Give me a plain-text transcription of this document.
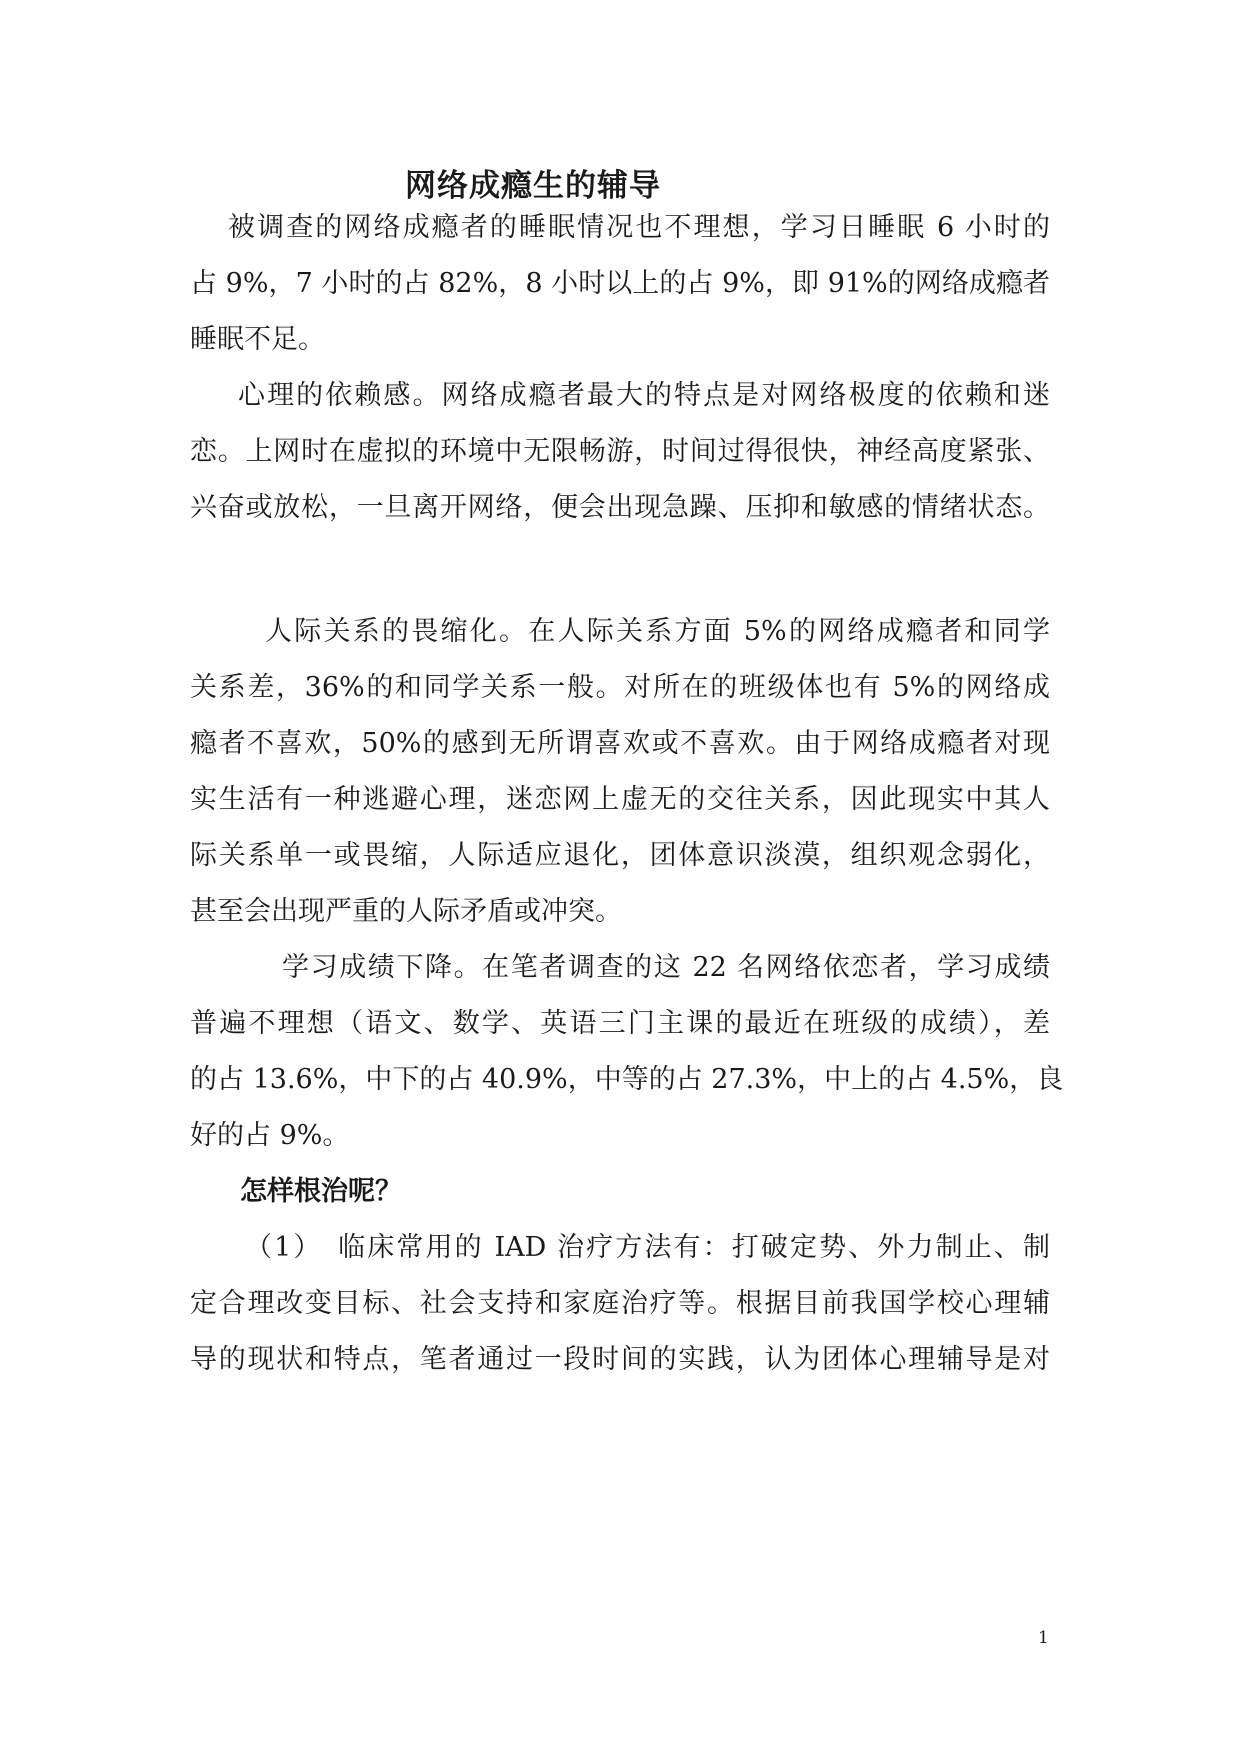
网络成瘾生的辅导
被调查的网络成瘾者的睡眠情况也不理想，学习日睡眠 6 小时的
占 9%，7 小时的占 82%，8 小时以上的占 9%，即 91%的网络成瘾者
睡眠不足。
心理的依赖感。网络成瘾者最大的特点是对网络极度的依赖和迷
恋。上网时在虚拟的环境中无限畅游，时间过得很快，神经高度紧张、
兴奋或放松，一旦离开网络，便会出现急躁、压抑和敏感的情绪状态。
人际关系的畏缩化。在人际关系方面 5%的网络成瘾者和同学
关系差，36%的和同学关系一般。对所在的班级体也有 5%的网络成
瘾者不喜欢，50%的感到无所谓喜欢或不喜欢。由于网络成瘾者对现
实生活有一种逃避心理，迷恋网上虚无的交往关系，因此现实中其人
际关系单一或畏缩，人际适应退化，团体意识淡漠，组织观念弱化，
甚至会出现严重的人际矛盾或冲突。
学习成绩下降。在笔者调查的这 22 名网络依恋者，学习成绩
普遍不理想（语文、数学、英语三门主课的最近在班级的成绩），差
的占 13.6%，中下的占 40.9%，中等的占 27.3%，中上的占 4.5%，良
好的占 9%。
怎样根治呢？
（1）　临床常用的 IAD 治疗方法有：打破定势、外力制止、制
定合理改变目标、社会支持和家庭治疗等。根据目前我国学校心理辅
导的现状和特点，笔者通过一段时间的实践，认为团体心理辅导是对
1
